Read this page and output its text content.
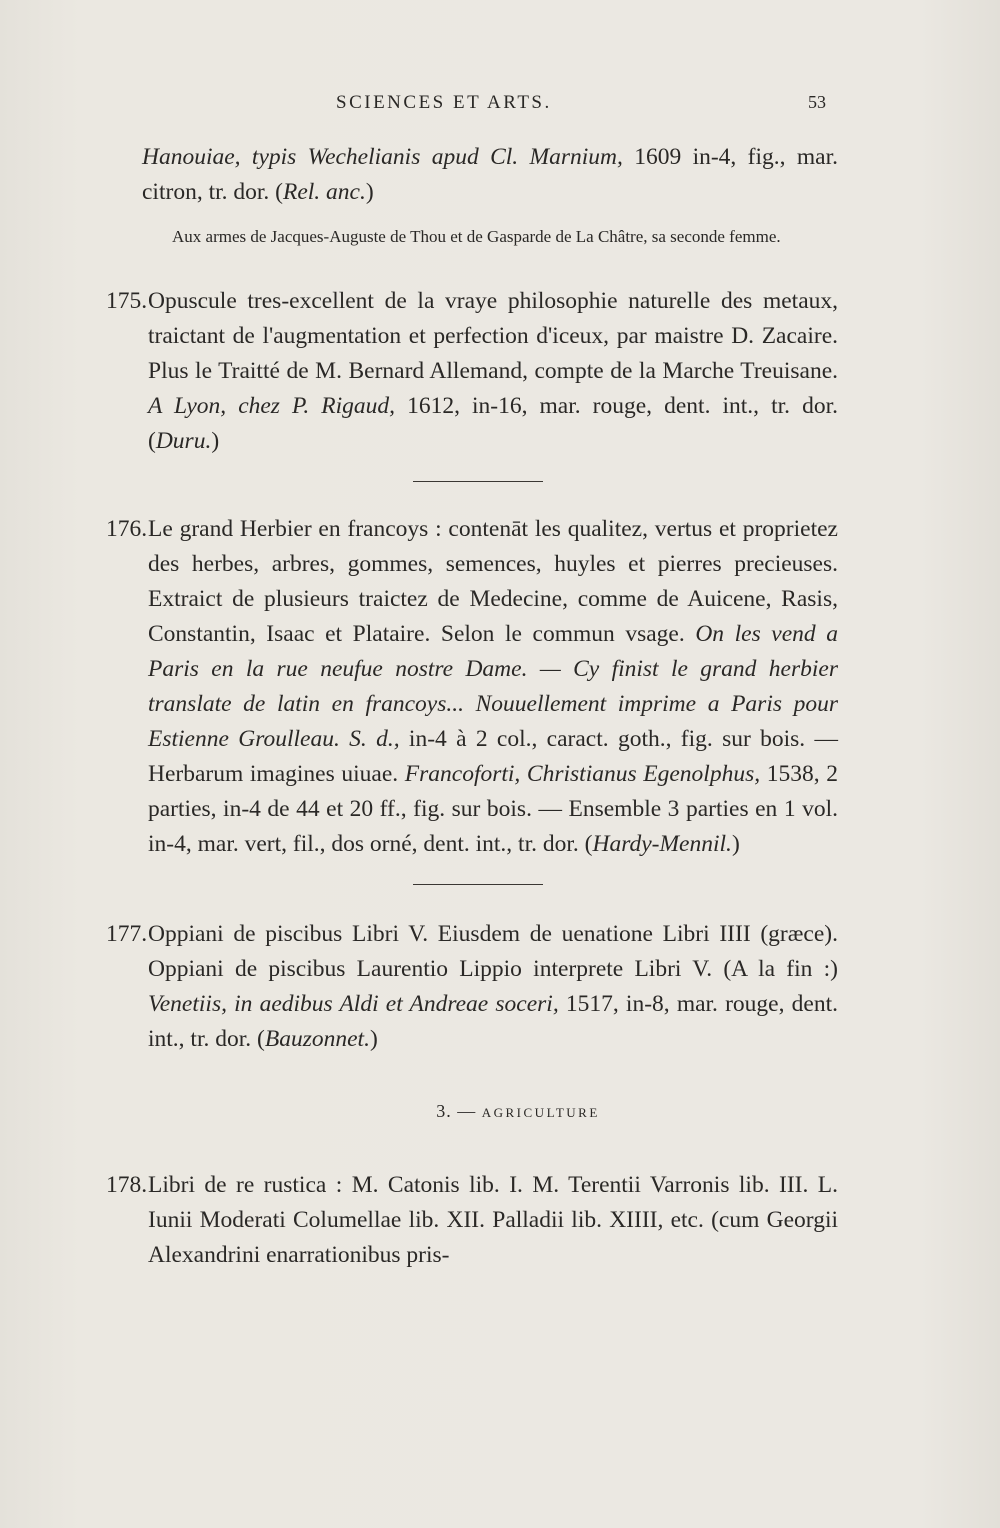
SCIENCES ET ARTS.	53
Hanouiae, typis Wechelianis apud Cl. Marnium, 1609 in-4, fig., mar. citron, tr. dor. (Rel. anc.)
Aux armes de Jacques-Auguste de Thou et de Gasparde de La Châtre, sa seconde femme.
175. Opuscule tres-excellent de la vraye philosophie naturelle des metaux, traictant de l'augmentation et perfection d'iceux, par maistre D. Zacaire. Plus le Traitté de M. Bernard Allemand, compte de la Marche Treuisane. A Lyon, chez P. Rigaud, 1612, in-16, mar. rouge, dent. int., tr. dor. (Duru.)
176. Le grand Herbier en francoys : contenāt les qualitez, vertus et proprietez des herbes, arbres, gommes, semences, huyles et pierres precieuses. Extraict de plusieurs traictez de Medecine, comme de Auicene, Rasis, Constantin, Isaac et Plataire. Selon le commun vsage. On les vend a Paris en la rue neufue nostre Dame. — Cy finist le grand herbier translate de latin en francoys... Nouuellement imprime a Paris pour Estienne Groulleau. S. d., in-4 à 2 col., caract. goth., fig. sur bois. — Herbarum imagines uiuae. Francoforti, Christianus Egenolphus, 1538, 2 parties, in-4 de 44 et 20 ff., fig. sur bois. — Ensemble 3 parties en 1 vol. in-4, mar. vert, fil., dos orné, dent. int., tr. dor. (Hardy-Mennil.)
177. Oppiani de piscibus Libri V. Eiusdem de uenatione Libri IIII (græce). Oppiani de piscibus Laurentio Lippio interprete Libri V. (A la fin :) Venetiis, in aedibus Aldi et Andreae soceri, 1517, in-8, mar. rouge, dent. int., tr. dor. (Bauzonnet.)
3. — AGRICULTURE
178. Libri de re rustica : M. Catonis lib. I. M. Terentii Varronis lib. III. L. Iunii Moderati Columellae lib. XII. Palladii lib. XIIII, etc. (cum Georgii Alexandrini enarrationibus pris-
